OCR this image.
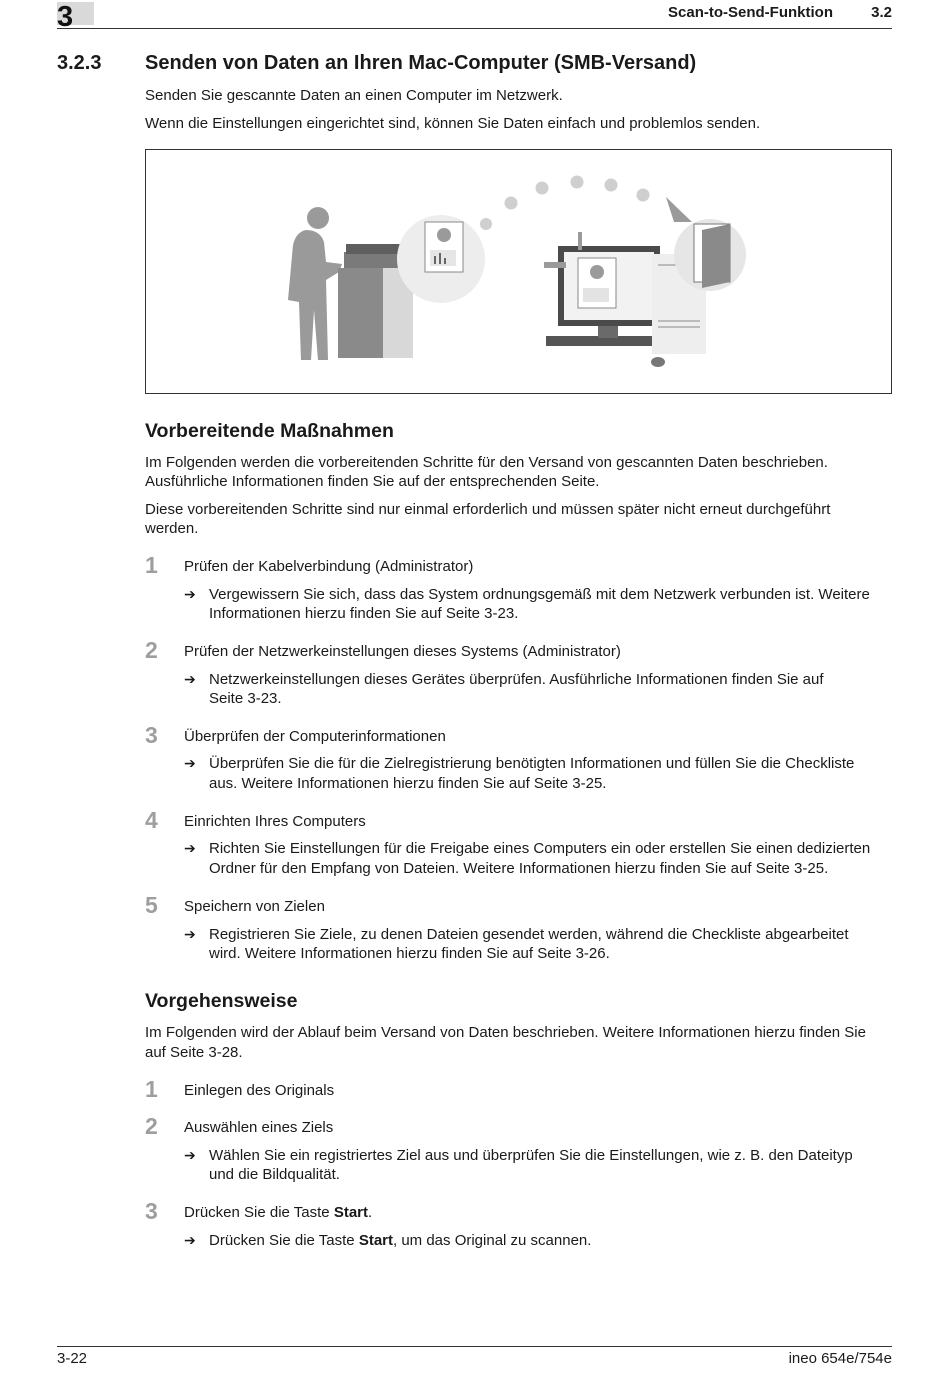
3	Scan-to-Send-Funktion	3.2
3.2.3 Senden von Daten an Ihren Mac-Computer (SMB-Versand)
Senden Sie gescannte Daten an einen Computer im Netzwerk.
Wenn die Einstellungen eingerichtet sind, können Sie Daten einfach und problemlos senden.
Vorbereitende Maßnahmen
Im Folgenden werden die vorbereitenden Schritte für den Versand von gescannten Daten beschrieben.
Ausführliche Informationen finden Sie auf der entsprechenden Seite.
Diese vorbereitenden Schritte sind nur einmal erforderlich und müssen später nicht erneut durchgeführt
werden.
1 Prüfen der Kabelverbindung (Administrator)
➔ Vergewissern Sie sich, dass das System ordnungsgemäß mit dem Netzwerk verbunden ist. Weitere
Informationen hierzu finden Sie auf Seite 3-23.
2 Prüfen der Netzwerkeinstellungen dieses Systems (Administrator)
➔ Netzwerkeinstellungen dieses Gerätes überprüfen. Ausführliche Informationen finden Sie auf
Seite 3-23.
3 Überprüfen der Computerinformationen
➔ Überprüfen Sie die für die Zielregistrierung benötigten Informationen und füllen Sie die Checkliste
aus. Weitere Informationen hierzu finden Sie auf Seite 3-25.
4 Einrichten Ihres Computers
➔ Richten Sie Einstellungen für die Freigabe eines Computers ein oder erstellen Sie einen dedizierten
Ordner für den Empfang von Dateien. Weitere Informationen hierzu finden Sie auf Seite 3-25.
5 Speichern von Zielen
➔ Registrieren Sie Ziele, zu denen Dateien gesendet werden, während die Checkliste abgearbeitet
wird. Weitere Informationen hierzu finden Sie auf Seite 3-26.
Vorgehensweise
Im Folgenden wird der Ablauf beim Versand von Daten beschrieben. Weitere Informationen hierzu finden Sie
auf Seite 3-28.
1 Einlegen des Originals
2 Auswählen eines Ziels
➔ Wählen Sie ein registriertes Ziel aus und überprüfen Sie die Einstellungen, wie z. B. den Dateityp
und die Bildqualität.
3 Drücken Sie die Taste Start.
➔ Drücken Sie die Taste Start, um das Original zu scannen.
3-22	ineo 654e/754e
